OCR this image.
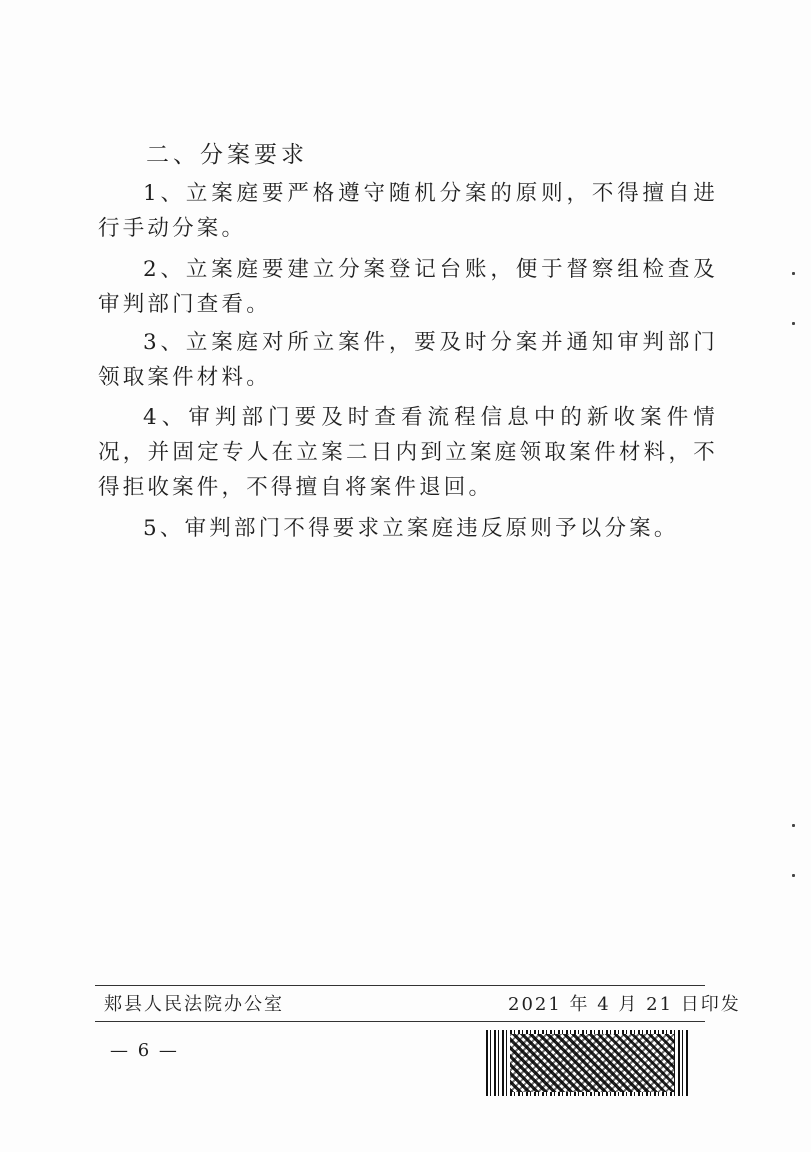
二、分案要求

1、立案庭要严格遵守随机分案的原则，不得擅自进行手动分案。

2、立案庭要建立分案登记台账，便于督察组检查及审判部门查看。

3、立案庭对所立案件，要及时分案并通知审判部门领取案件材料。

4、审判部门要及时查看流程信息中的新收案件情况，并固定专人在立案二日内到立案庭领取案件材料，不得拒收案件，不得擅自将案件退回。

5、审判部门不得要求立案庭违反原则予以分案。

郏县人民法院办公室	2021 年 4 月 21 日印发
— 6 —
